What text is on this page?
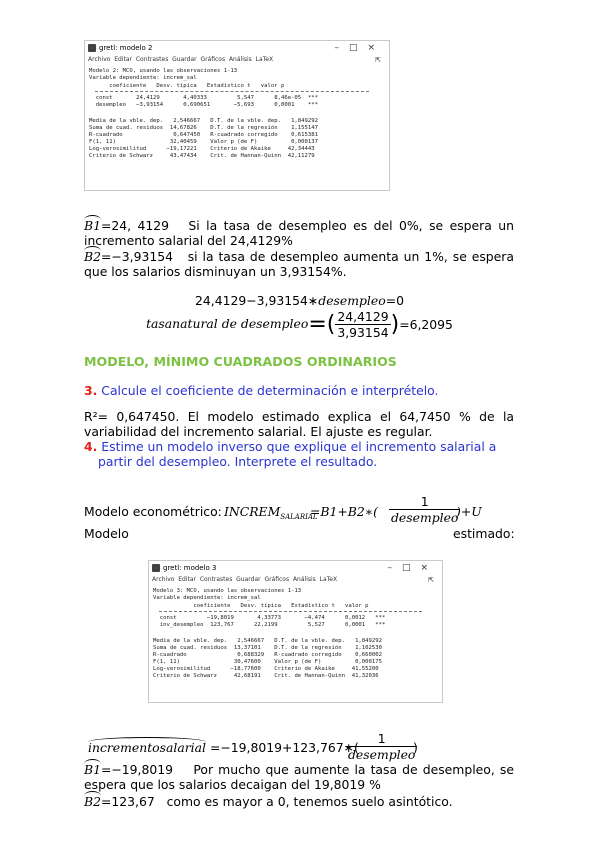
gretl: modelo 2	–□×
Archivo Editar Contrastes Guardar Gráficos Análisis LaTeX	⇱
Modelo 2: MCO, usando las observaciones 1-13
Variable dependiente: increm_sal
coeficiente   Desv. típica   Estadístico t   valor p
const       24,4129       4,40333         5,547      8,46e-05  ***
desempleo   −3,93154      0,690651       −5,693      0,0001    ***
Media de la vble. dep.   2,546667   D.T. de la vble. dep.   1,849292
Suma de cuad. residuos  14,67826    D.T. de la regresión    1,155147
R-cuadrado               0,647450   R-cuadrado corregido    0,615381
F(1, 11)                32,40459    Valor p (de F)          0,000137
Log-verosimilitud      −19,17221    Criterio de Akaike     42,34443
Criterio de Schwarz     43,47434    Crit. de Hannan-Quinn  42,11279
B1=24, 4129 Si la tasa de desempleo es del 0%, se espera un incremento salarial del 24,4129%
B2=−3,93154 si la tasa de desempleo aumenta un 1%, se espera que los salarios disminuyan un 3,93154%.
24,4129−3,93154∗desempleo=0
tasanatural de desempleo=( $\frac{24,4129}{3,93154} )=6,2095$
MODELO, MÍNIMO CUADRADOS ORDINARIOS
3. Calcule el coeficiente de determinación e interprételo.
R²= 0,647450. El modelo estimado explica el 64,7450 % de la variabilidad del incremento salarial. El ajuste es regular.
4. Estime un modelo inverso que explique el incremento salarial a partir del desempleo. Interprete el resultado.
Modelo econométrico: $INCREM_{SALARIAL}$
=B1+B2∗(
1
desempleo
)+U
Modelo	estimado:
gretl: modelo 3	–□×
Archivo Editar Contrastes Guardar Gráficos Análisis LaTeX	⇱
Modelo 3: MCO, usando las observaciones 1-13
Variable dependiente: increm_sal
coeficiente   Desv. típica   Estadístico t   valor p
const         −19,8019       4,33773       −4,474      0,0012   ***
inv_desempleo  123,767      22,2199         5,527      0,0001   ***
Media de la vble. dep.   2,546667   D.T. de la vble. dep.   1,849292
Suma de cuad. residuos  13,37101    D.T. de la regresión    1,102530
R-cuadrado               0,688329   R-cuadrado corregido    0,660002
F(1, 11)                30,47600    Valor p (de F)          0,000175
Log-verosimilitud      −18,77600    Criterio de Akaike     41,55200
Criterio de Schwarz     42,68191    Crit. de Hannan-Quinn  41,32036
incrementosalarial =−19,8019+123,767∗(
1
desempleo
)
B1=−19,8019 Por mucho que aumente la tasa de desempleo, se espera que los salarios decaigan del 19,8019 %
B2=123,67 como es mayor a 0, tenemos suelo asintótico.
